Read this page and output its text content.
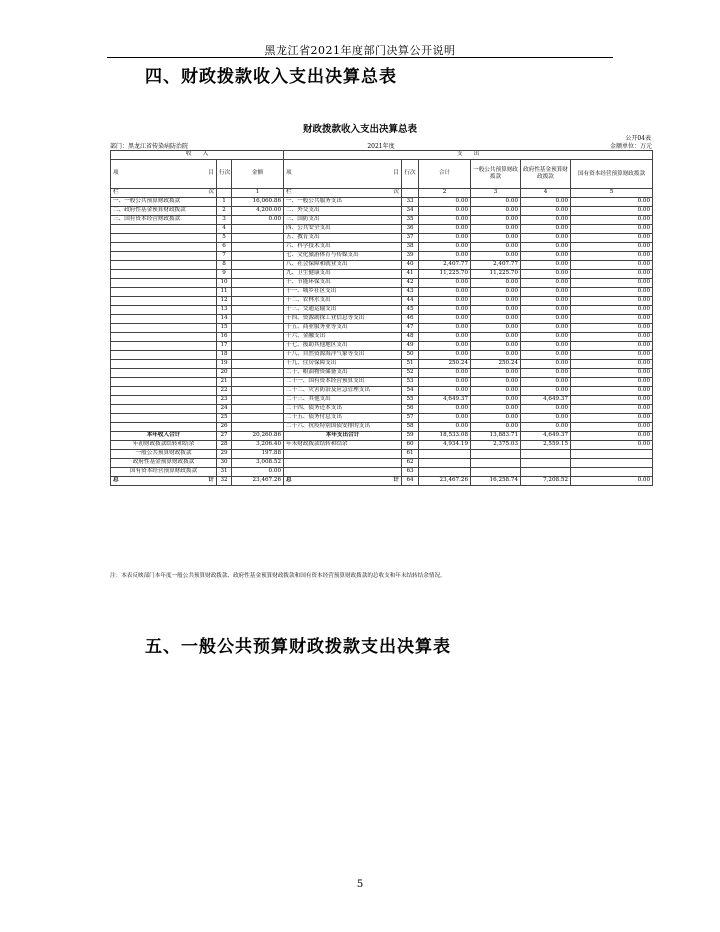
黑龙江省2021年度部门决算公开说明
四、财政拨款收入支出决算总表
财政拨款收入支出决算总表
公开04表
部门：黑龙江省传染病防治院	2021年度	金额单位：万元
收　　入			支　　出					

项 目	行次	金额	项 目	行次	合计	一般公共预算财政拨款	政府性基金预算财政拨款	国有资本经营预算财政拨款

栏 次		1	栏 次		2	3	4	5
一、一般公共预算财政拨款	1	16,060.86	一、一般公共服务支出	33	0.00	0.00	0.00	0.00
二、政府性基金预算财政拨款	2	4,200.00	二、外交支出	34	0.00	0.00	0.00	0.00
三、国有资本经营财政拨款	3	0.00	三、国防支出	35	0.00	0.00	0.00	0.00
	4		四、公共安全支出	36	0.00	0.00	0.00	0.00
	5		五、教育支出	37	0.00	0.00	0.00	0.00
	6		六、科学技术支出	38	0.00	0.00	0.00	0.00
	7		七、文化旅游体育与传媒支出	39	0.00	0.00	0.00	0.00
	8		八、社会保障和就业支出	40	2,407.77	2,407.77	0.00	0.00
	9		九、卫生健康支出	41	11,225.70	11,225.70	0.00	0.00
	10		十、节能环保支出	42	0.00	0.00	0.00	0.00
	11		十一、城乡社区支出	43	0.00	0.00	0.00	0.00
	12		十二、农林水支出	44	0.00	0.00	0.00	0.00
	13		十三、交通运输支出	45	0.00	0.00	0.00	0.00
	14		十四、资源勘探工业信息等支出	46	0.00	0.00	0.00	0.00
	15		十五、商业服务业等支出	47	0.00	0.00	0.00	0.00
	16		十六、金融支出	48	0.00	0.00	0.00	0.00
	17		十七、援助其他地区支出	49	0.00	0.00	0.00	0.00
	18		十八、自然资源海洋气象等支出	50	0.00	0.00	0.00	0.00
	19		十九、住房保障支出	51	250.24	250.24	0.00	0.00
	20		二十、粮油物资储备支出	52	0.00	0.00	0.00	0.00
	21		二十一、国有资本经营预算支出	53	0.00	0.00	0.00	0.00
	22		二十二、灾害防治及应急管理支出	54	0.00	0.00	0.00	0.00
	23		二十三、其他支出	55	4,649.37	0.00	4,649.37	0.00
	24		二十四、债务还本支出	56	0.00	0.00	0.00	0.00
	25		二十五、债务付息支出	57	0.00	0.00	0.00	0.00
	26		二十六、抗疫特别国债安排的支出	58	0.00	0.00	0.00	0.00
本年收入合计	27	20,260.86	本年支出合计	59	18,533.08	13,883.71	4,649.37	0.00
年初财政拨款结转和结余	28	3,206.40	年末财政拨款结转和结余	60	4,934.19	2,375.03	2,559.15	0.00
一般公共预算财政拨款	29	197.88		61				
政府性基金预算财政拨款	30	3,008.52		62				
国有资本经营预算财政拨款	31	0.00		63				

总 计	32	23,467.26	总 计	64	23,467.26	16,258.74	7,208.52	0.00
注：本表反映部门本年度一般公共预算财政拨款、政府性基金预算财政拨款和国有资本经营预算财政拨款的总收支和年末结转结余情况。
五、一般公共预算财政拨款支出决算表
5
